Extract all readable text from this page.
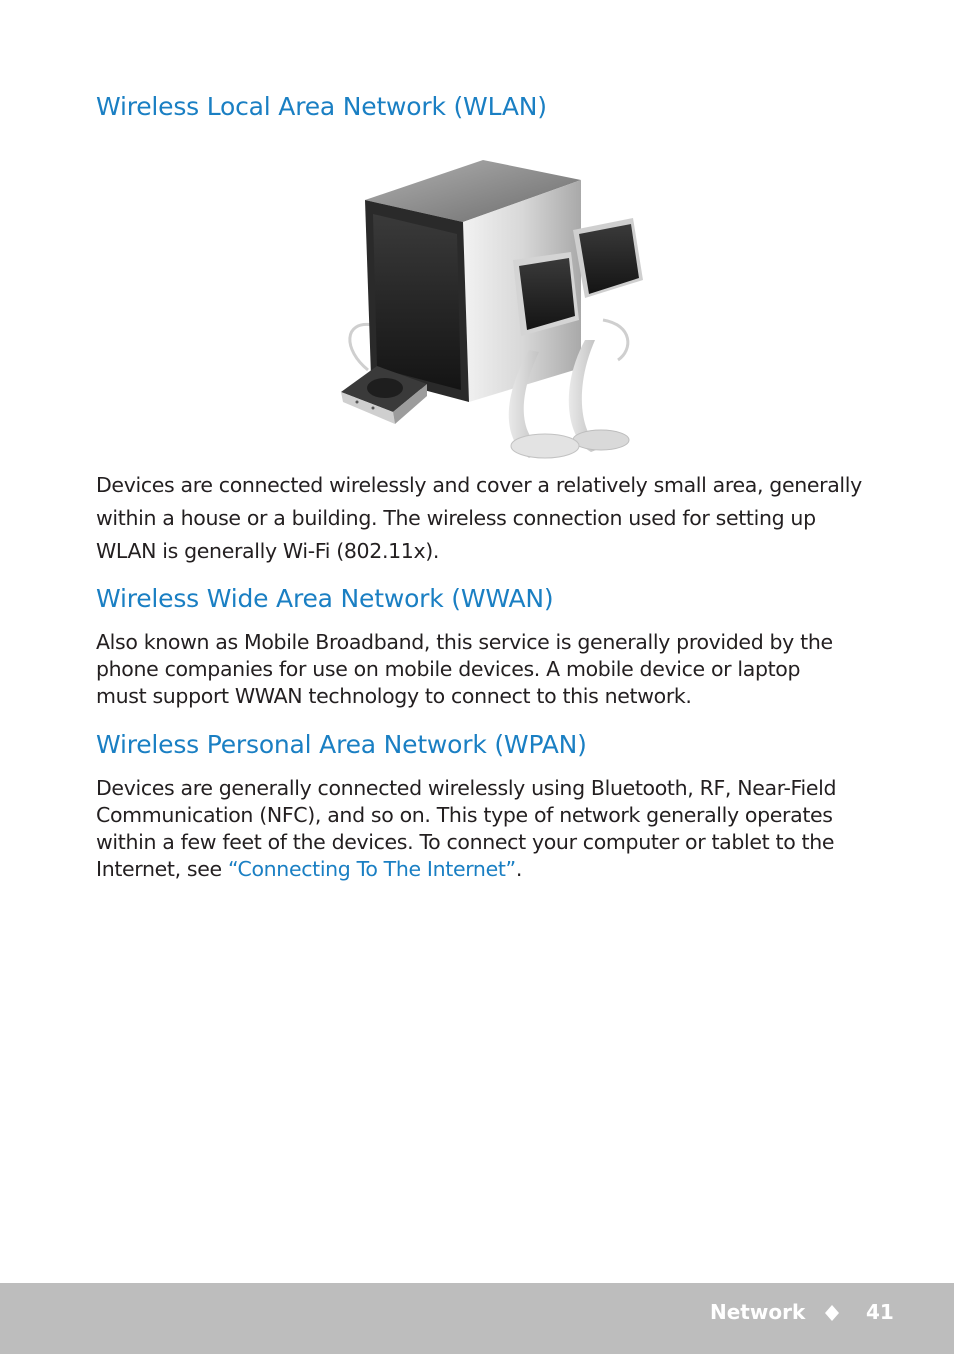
Wireless Local Area Network (WLAN)
Devices are connected wirelessly and cover a relatively small area, generally
within a house or a building. The wireless connection used for setting up
WLAN is generally Wi-Fi (802.11x).
Wireless Wide Area Network (WWAN)
Also known as Mobile Broadband, this service is generally provided by the
phone companies for use on mobile devices. A mobile device or laptop
must support WWAN technology to connect to this network.
Wireless Personal Area Network (WPAN)
Devices are generally connected wirelessly using Bluetooth, RF, Near-Field
Communication (NFC), and so on. This type of network generally operates
within a few feet of the devices. To connect your computer or tablet to the
Internet, see “Connecting To The Internet”.
Network	41
